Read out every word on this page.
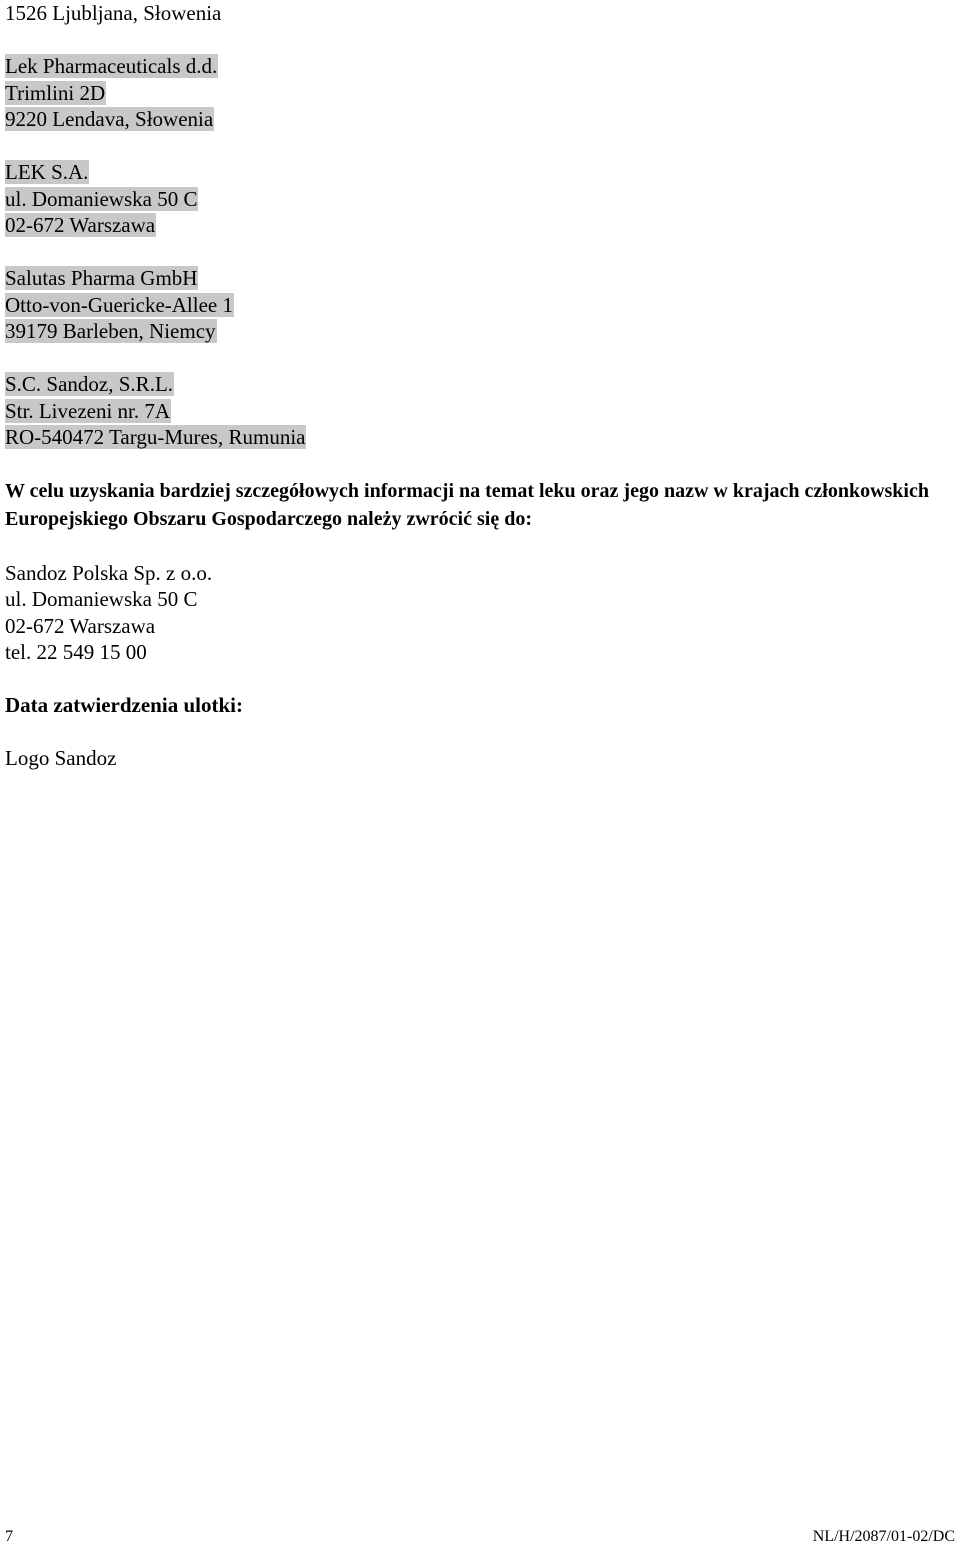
1526 Ljubljana, Słowenia
Lek Pharmaceuticals d.d.
Trimlini 2D
9220 Lendava, Słowenia
LEK S.A.
ul. Domaniewska 50 C
02-672 Warszawa
Salutas Pharma GmbH
Otto-von-Guericke-Allee 1
39179 Barleben, Niemcy
S.C. Sandoz, S.R.L.
Str. Livezeni nr. 7A
RO-540472 Targu-Mures, Rumunia

W celu uzyskania bardziej szczegółowych informacji na temat leku oraz jego nazw w krajach członkowskich Europejskiego Obszaru Gospodarczego należy zwrócić się do:

Sandoz Polska Sp. z o.o.
ul. Domaniewska 50 C
02-672 Warszawa
tel. 22 549 15 00
Data zatwierdzenia ulotki:
Logo Sandoz
7	NL/H/2087/01-02/DC
